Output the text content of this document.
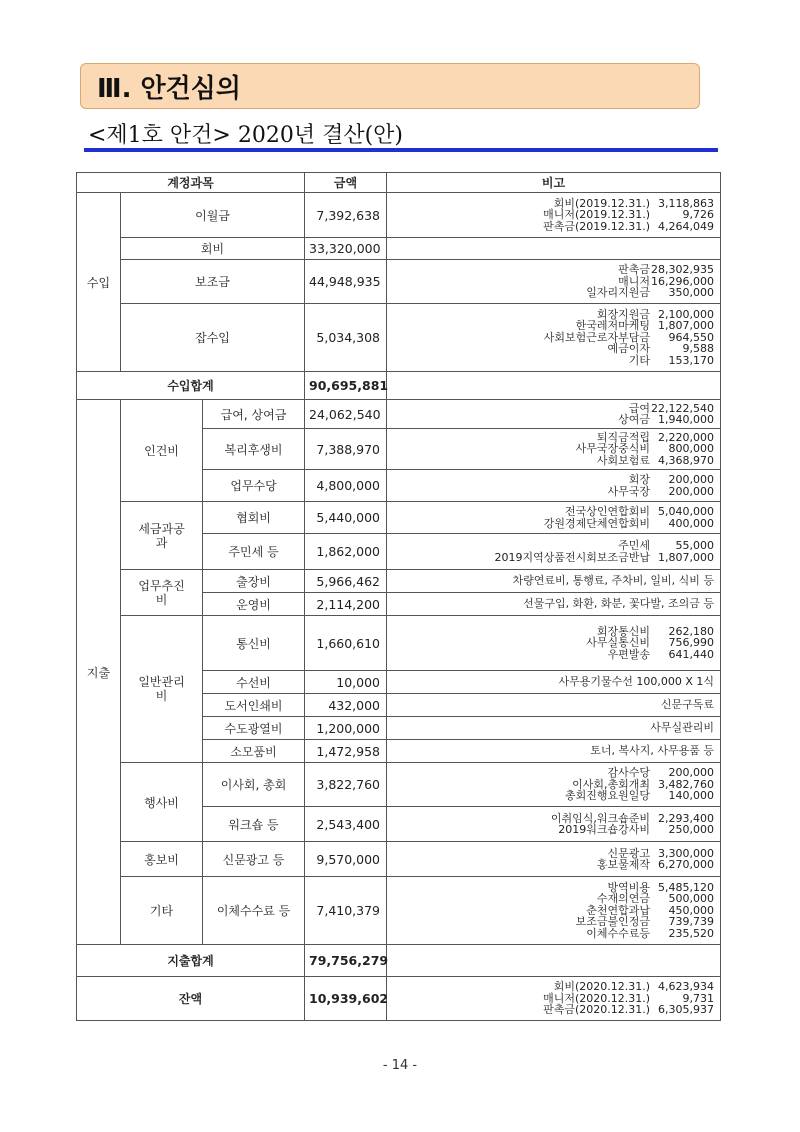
Ⅲ. 안건심의
<제1호 안건> 2020년 결산(안)
계정과목			금액	비고
수입	이월금		7,392,638	회비(2019.12.31.) 3,118,863
매니저(2019.12.31.) 9,726
판촉금(2019.12.31.) 4,264,049

	회비		33,320,000	
	보조금		44,948,935	판촉금28,302,935
매니저16,296,000
일자리지원금 350,000

	잡수입		5,034,308	회장지원금 2,100,000
한국레저마케팅 1,807,000
사회보험근로자부담금 964,550
예금이자 9,588
기타 153,170

수입합계			90,695,881	
지출	인건비	급여, 상여금	24,062,540	급여22,122,540
상여금 1,940,000

		복리후생비	7,388,970	퇴직금적립 2,220,000
사무국장중식비 800,000
사회보험료 4,368,970

		업무수당	4,800,000	회장 200,000
사무국장 200,000

	세금과공과	협회비	5,440,000	전국상인연합회비 5,040,000
강원경제단체연합회비 400,000

		주민세 등	1,862,000	주민세 55,000
2019지역상품전시회보조금반납 1,807,000

	업무추진비	출장비	5,966,462	차량연료비, 통행료, 주차비, 일비, 식비 등
		운영비	2,114,200	선물구입, 화환, 화분, 꽃다발, 조의금 등
	일반관리비	통신비	1,660,610	회장통신비 262,180
사무실통신비 756,990
우편발송 641,440

		수선비	10,000	사무용기물수선 100,000 X 1식
		도서인쇄비	432,000	신문구독료
		수도광열비	1,200,000	사무실관리비
		소모품비	1,472,958	토너, 복사지, 사무용품 등
	행사비	이사회, 총회	3,822,760	감사수당 200,000
이사회,총회개최 3,482,760
총회진행요원일당 140,000

		워크숍 등	2,543,400	이취임식,워크숍준비 2,293,400
2019워크숍강사비 250,000

	홍보비	신문광고 등	9,570,000	신문광고 3,300,000
홍보물제작 6,270,000

	기타	이체수수료 등	7,410,379	방역비용 5,485,120
수재의연금 500,000
춘천연합과납 450,000
보조금불인정금 739,739
이체수수료등 235,520

지출합계			79,756,279	
잔액			10,939,602	회비(2020.12.31.) 4,623,934
매니저(2020.12.31.) 9,731
판촉금(2020.12.31.) 6,305,937
- 14 -
